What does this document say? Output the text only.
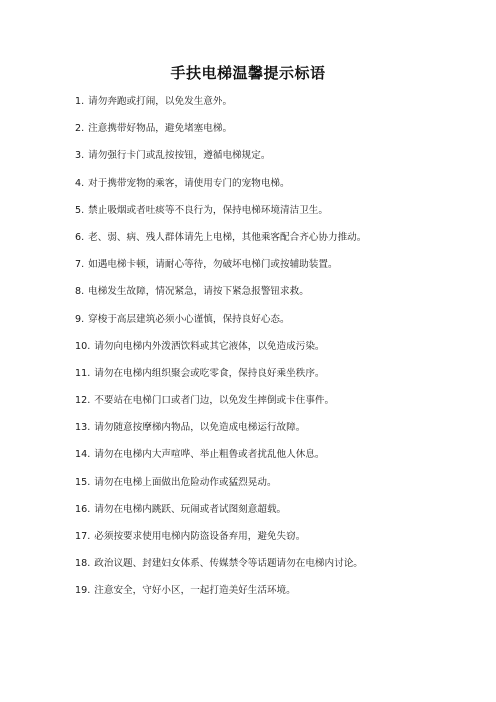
手扶电梯温馨提示标语
1. 请勿奔跑或打闹，以免发生意外。
2. 注意携带好物品，避免堵塞电梯。
3. 请勿强行卡门或乱按按钮，遵循电梯规定。
4. 对于携带宠物的乘客，请使用专门的宠物电梯。
5. 禁止吸烟或者吐痰等不良行为，保持电梯环境清洁卫生。
6. 老、弱、病、残人群体请先上电梯，其他乘客配合齐心协力推动。
7. 如遇电梯卡顿，请耐心等待，勿破坏电梯门或按辅助装置。
8. 电梯发生故障，情况紧急，请按下紧急报警钮求救。
9. 穿梭于高层建筑必须小心谨慎，保持良好心态。
10. 请勿向电梯内外泼洒饮料或其它液体，以免造成污染。
11. 请勿在电梯内组织聚会或吃零食，保持良好乘坐秩序。
12. 不要站在电梯门口或者门边，以免发生摔倒或卡住事件。
13. 请勿随意按摩梯内物品，以免造成电梯运行故障。
14. 请勿在电梯内大声喧哗、举止粗鲁或者扰乱他人休息。
15. 请勿在电梯上面做出危险动作或猛烈晃动。
16. 请勿在电梯内跳跃、玩闹或者试图刻意超载。
17. 必须按要求使用电梯内防盗设备弃用，避免失窃。
18. 政治议题、封建妇女体系、传媒禁令等话题请勿在电梯内讨论。
19. 注意安全，守好小区，一起打造美好生活环境。
